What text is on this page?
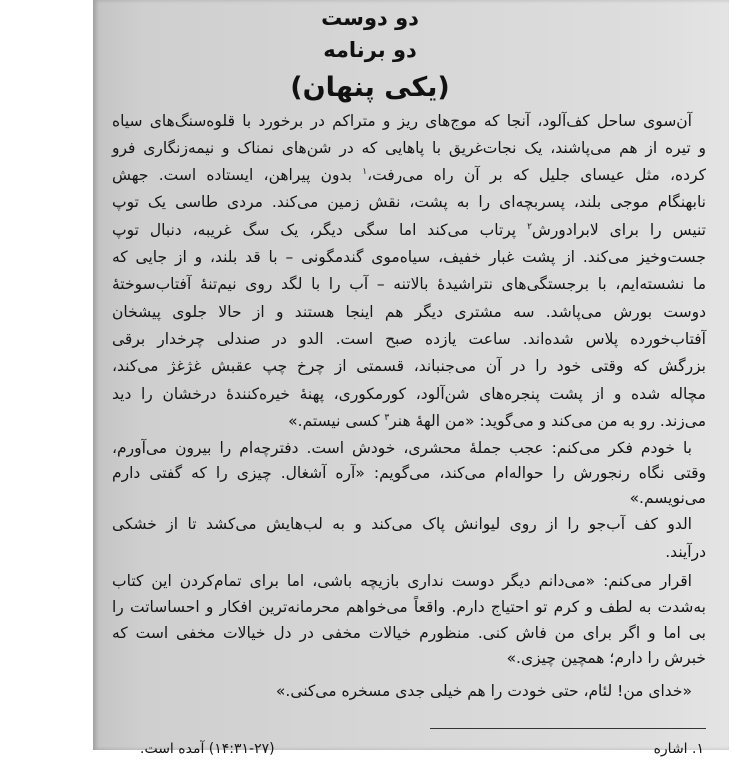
دو دوست
دو برنامه
(یکی پنهان)
آن‌سوی ساحل کف‌آلود، آنجا که موج‌های ریز و متراکم در برخورد با قلوه‌سنگ‌های سیاه
و تیره از هم می‌پاشند، یک نجات‌غریق با پاهایی که در شن‌های نمناک و نیمه‌زنگاری فرو
کرده، مثل عیسای جلیل که بر آن راه می‌رفت،$^۱$ بدون پیراهن، ایستاده است. جهش
نابهنگام موجی بلند، پسربچه‌ای را به پشت، نقش زمین می‌کند. مردی طاسی یک توپ
تنیس را برای لابرادورش$^۲$ پرتاب می‌کند اما سگی دیگر، یک سگ غریبه، دنبال توپ
جست‌وخیز می‌کند. از پشت غبار خفیف، سیاه‌موی گندمگونی – با قد بلند، و از جایی که
ما نشسته‌ایم، با برجستگی‌های نتراشیدهٔ بالاتنه – آب را با لگد روی نیم‌تنهٔ آفتاب‌سوختهٔ
دوست بورش می‌پاشد. سه مشتری دیگر هم اینجا هستند و از حالا جلوی پیشخان
آفتاب‌خورده پلاس شده‌اند. ساعت یازده صبح است. الدو در صندلی چرخدار برقی
بزرگش که وقتی خود را در آن می‌جنباند، قسمتی از چرخ چپ عقبش غژغژ می‌کند،
مچاله شده و از پشت پنجره‌های شن‌آلود، کورمکوری، پهنهٔ خیره‌کنندهٔ درخشان را دید
می‌زند. رو به من می‌کند و می‌گوید: «من الههٔ هنر$^۳$ کسی نیستم.»
با خودم فکر می‌کنم: عجب جملهٔ محشری، خودش است. دفترچه‌ام را بیرون می‌آورم،
وقتی نگاه رنجورش را حواله‌ام می‌کند، می‌گویم: «آره آشغال. چیزی را که گفتی دارم
می‌نویسم.»
الدو کف آب‌جو را از روی لیوانش پاک می‌کند و به لب‌هایش می‌کشد تا از خشکی
درآیند.
اقرار می‌کنم: «می‌دانم دیگر دوست نداری بازیچه باشی، اما برای تمام‌کردن این کتاب
به‌شدت به لطف و کرم تو احتیاج دارم. واقعاً می‌خواهم محرمانه‌ترین افکار و احساساتت را
بی اما و اگر برای من فاش کنی. منظورم خیالات مخفی در دل خیالات مخفی است که
خبرش را دارم؛ همچین چیزی.»
«خدای من! لئام، حتی خودت را هم خیلی جدی مسخره می‌کنی.»
۱. اشاره
(۱۴:۳۱-۲۷) آمده است.
